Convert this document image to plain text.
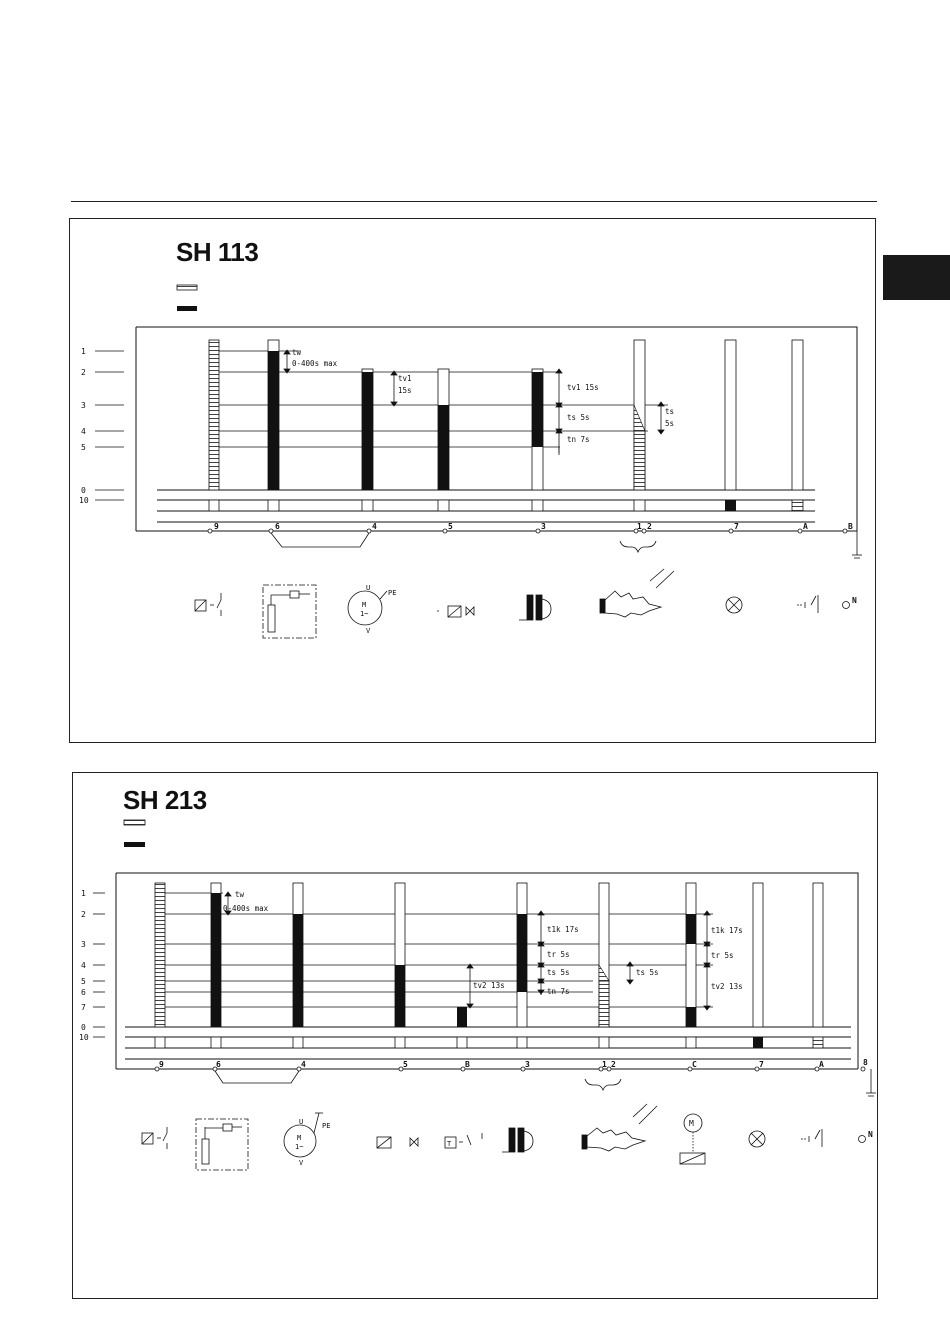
SH 113
1
2
3
4
5
0
10
tw
0-400s max
tv1
15s	tv1 15s
ts 5s
tn 7s
ts
5s
9	6	4	5	3	1 2	7	A	B
M
1~
U
V
PE
N
SH 213
1
2
3
4
5
6
7
0
10
tw
0-400s max
tv2 13s
t1k 17s
tr 5s
ts 5s
tn 7s
ts 5s
t1k 17s
tr 5s
tv2 13s
9	6	4	5	B	3	1 2	C	7	A	8
M
1~
U
V
PE
T
M
N
